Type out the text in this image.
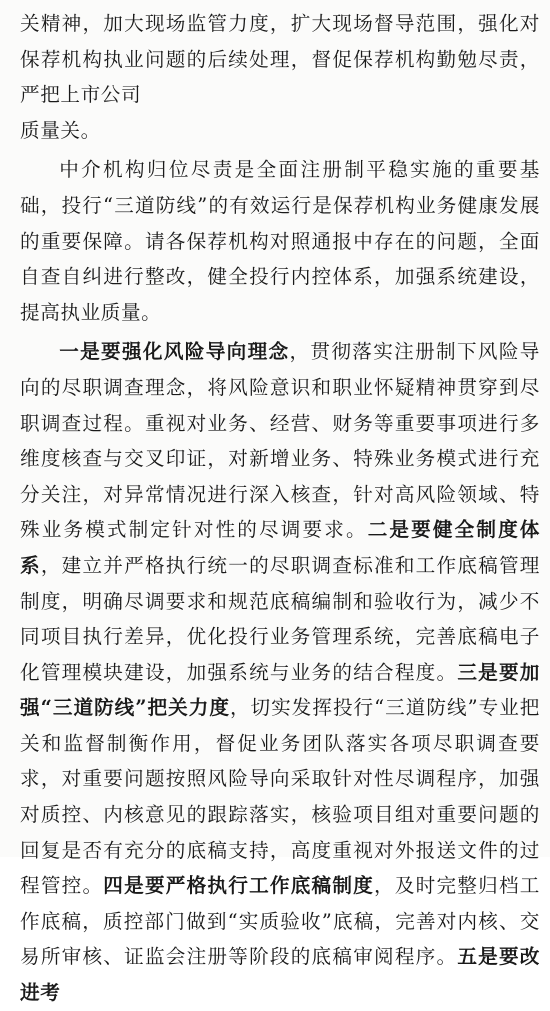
关精神，加大现场监管力度，扩大现场督导范围，强化对保荐机构执业问题的后续处理，督促保荐机构勤勉尽责，严把上市公司
质量关。

中介机构归位尽责是全面注册制平稳实施的重要基础，投行“三道防线”的有效运行是保荐机构业务健康发展的重要保障。请各保荐机构对照通报中存在的问题，全面自查自纠进行整改，健全投行内控体系，加强系统建设，提高执业质量。

一是要强化风险导向理念，贯彻落实注册制下风险导向的尽职调查理念，将风险意识和职业怀疑精神贯穿到尽职调查过程。重视对业务、经营、财务等重要事项进行多维度核查与交叉印证，对新增业务、特殊业务模式进行充分关注，对异常情况进行深入核查，针对高风险领域、特殊业务模式制定针对性的尽调要求。二是要健全制度体系，建立并严格执行统一的尽职调查标准和工作底稿管理制度，明确尽调要求和规范底稿编制和验收行为，减少不同项目执行差异，优化投行业务管理系统，完善底稿电子化管理模块建设，加强系统与业务的结合程度。三是要加强“三道防线”把关力度，切实发挥投行“三道防线”专业把关和监督制衡作用，督促业务团队落实各项尽职调查要求，对重要问题按照风险导向采取针对性尽调程序，加强对质控、内核意见的跟踪落实，核验项目组对重要问题的回复是否有充分的底稿支持，高度重视对外报送文件的过程管控。四是要严格执行工作底稿制度，及时完整归档工作底稿，质控部门做到“实质验收”底稿，完善对内核、交易所审核、证监会注册等阶段的底稿审阅程序。五是要改进考
